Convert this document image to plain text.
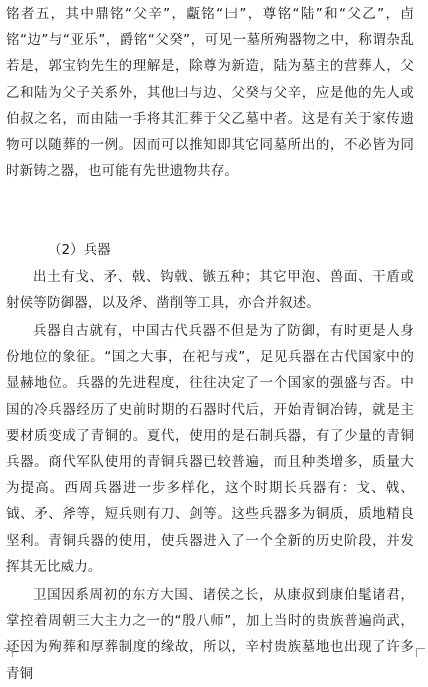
铭者五，其中鼎铭“父辛”，甗铭“𠙵”，尊铭“陆”和“父乙”，卣铭“边”与“亚乐”，爵铭“父癸”，可见一墓所殉器物之中，称谓杂乱若是，郭宝钧先生的理解是，除尊为新造，陆为墓主的营葬人，父乙和陆为父子关系外，其他𠙵与边、父癸与父辛，应是他的先人或伯叔之名，而由陆一手将其汇葬于父乙墓中者。这是有关于家传遗物可以随葬的一例。因而可以推知即其它同墓所出的，不必皆为同时新铸之器，也可能有先世遗物共存。

（2）兵器

出土有戈、矛、戟、钩戟、镞五种；其它甲泡、兽面、干盾或射侯等防御器，以及斧、凿削等工具，亦合并叙述。

兵器自古就有，中国古代兵器不但是为了防御，有时更是人身份地位的象征。“国之大事，在祀与戎”，足见兵器在古代国家中的显赫地位。兵器的先进程度，往往决定了一个国家的强盛与否。中国的冷兵器经历了史前时期的石器时代后，开始青铜冶铸，就是主要材质变成了青铜的。夏代，使用的是石制兵器，有了少量的青铜兵器。商代军队使用的青铜兵器已较普遍，而且种类增多，质量大为提高。西周兵器进一步多样化，这个时期长兵器有：戈、戟、钺、矛、斧等，短兵则有刀、剑等。这些兵器多为铜质，质地精良坚利。青铜兵器的使用，使兵器进入了一个全新的历史阶段，并发挥其无比威力。

卫国因系周初的东方大国、诸侯之长，从康叔到康伯髦诸君，掌控着周朝三大主力之一的“殷八师”，加上当时的贵族普遍尚武，还因为殉葬和厚葬制度的缘故，所以，辛村贵族墓地也出现了许多青铜
